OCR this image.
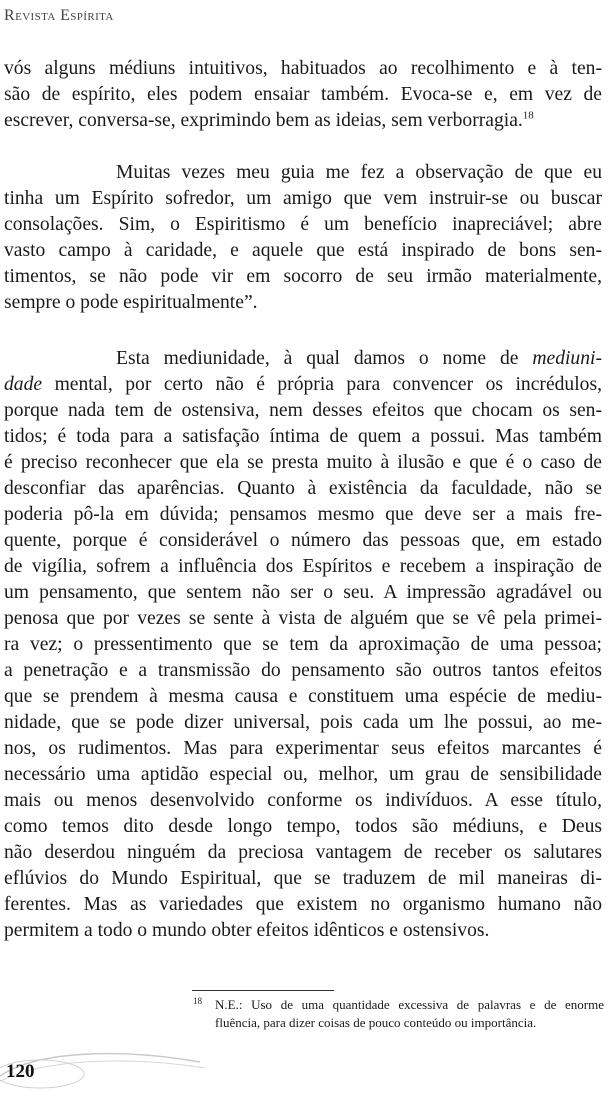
Revista Espírita
vós alguns médiuns intuitivos, habituados ao recolhimento e à ten-
são de espírito, eles podem ensaiar também. Evoca-se e, em vez de
escrever, conversa-se, exprimindo bem as ideias, sem verborragia.$^{18}$
Muitas vezes meu guia me fez a observação de que eu
tinha um Espírito sofredor, um amigo que vem instruir-se ou buscar
consolações. Sim, o Espiritismo é um benefício inapreciável; abre
vasto campo à caridade, e aquele que está inspirado de bons sen-
timentos, se não pode vir em socorro de seu irmão materialmente,
sempre o pode espiritualmente”.
Esta mediunidade, à qual damos o nome de mediuni-
dade mental, por certo não é própria para convencer os incrédulos,
porque nada tem de ostensiva, nem desses efeitos que chocam os sen-
tidos; é toda para a satisfação íntima de quem a possui. Mas também
é preciso reconhecer que ela se presta muito à ilusão e que é o caso de
desconfiar das aparências. Quanto à existência da faculdade, não se
poderia pô-la em dúvida; pensamos mesmo que deve ser a mais fre-
quente, porque é considerável o número das pessoas que, em estado
de vigília, sofrem a influência dos Espíritos e recebem a inspiração de
um pensamento, que sentem não ser o seu. A impressão agradável ou
penosa que por vezes se sente à vista de alguém que se vê pela primei-
ra vez; o pressentimento que se tem da aproximação de uma pessoa;
a penetração e a transmissão do pensamento são outros tantos efeitos
que se prendem à mesma causa e constituem uma espécie de mediu-
nidade, que se pode dizer universal, pois cada um lhe possui, ao me-
nos, os rudimentos. Mas para experimentar seus efeitos marcantes é
necessário uma aptidão especial ou, melhor, um grau de sensibilidade
mais ou menos desenvolvido conforme os indivíduos. A esse título,
como temos dito desde longo tempo, todos são médiuns, e Deus
não deserdou ninguém da preciosa vantagem de receber os salutares
eflúvios do Mundo Espiritual, que se traduzem de mil maneiras di-
ferentes. Mas as variedades que existem no organismo humano não
permitem a todo o mundo obter efeitos idênticos e ostensivos.
18 N.E.: Uso de uma quantidade excessiva de palavras e de enorme
fluência, para dizer coisas de pouco conteúdo ou importância.
120
